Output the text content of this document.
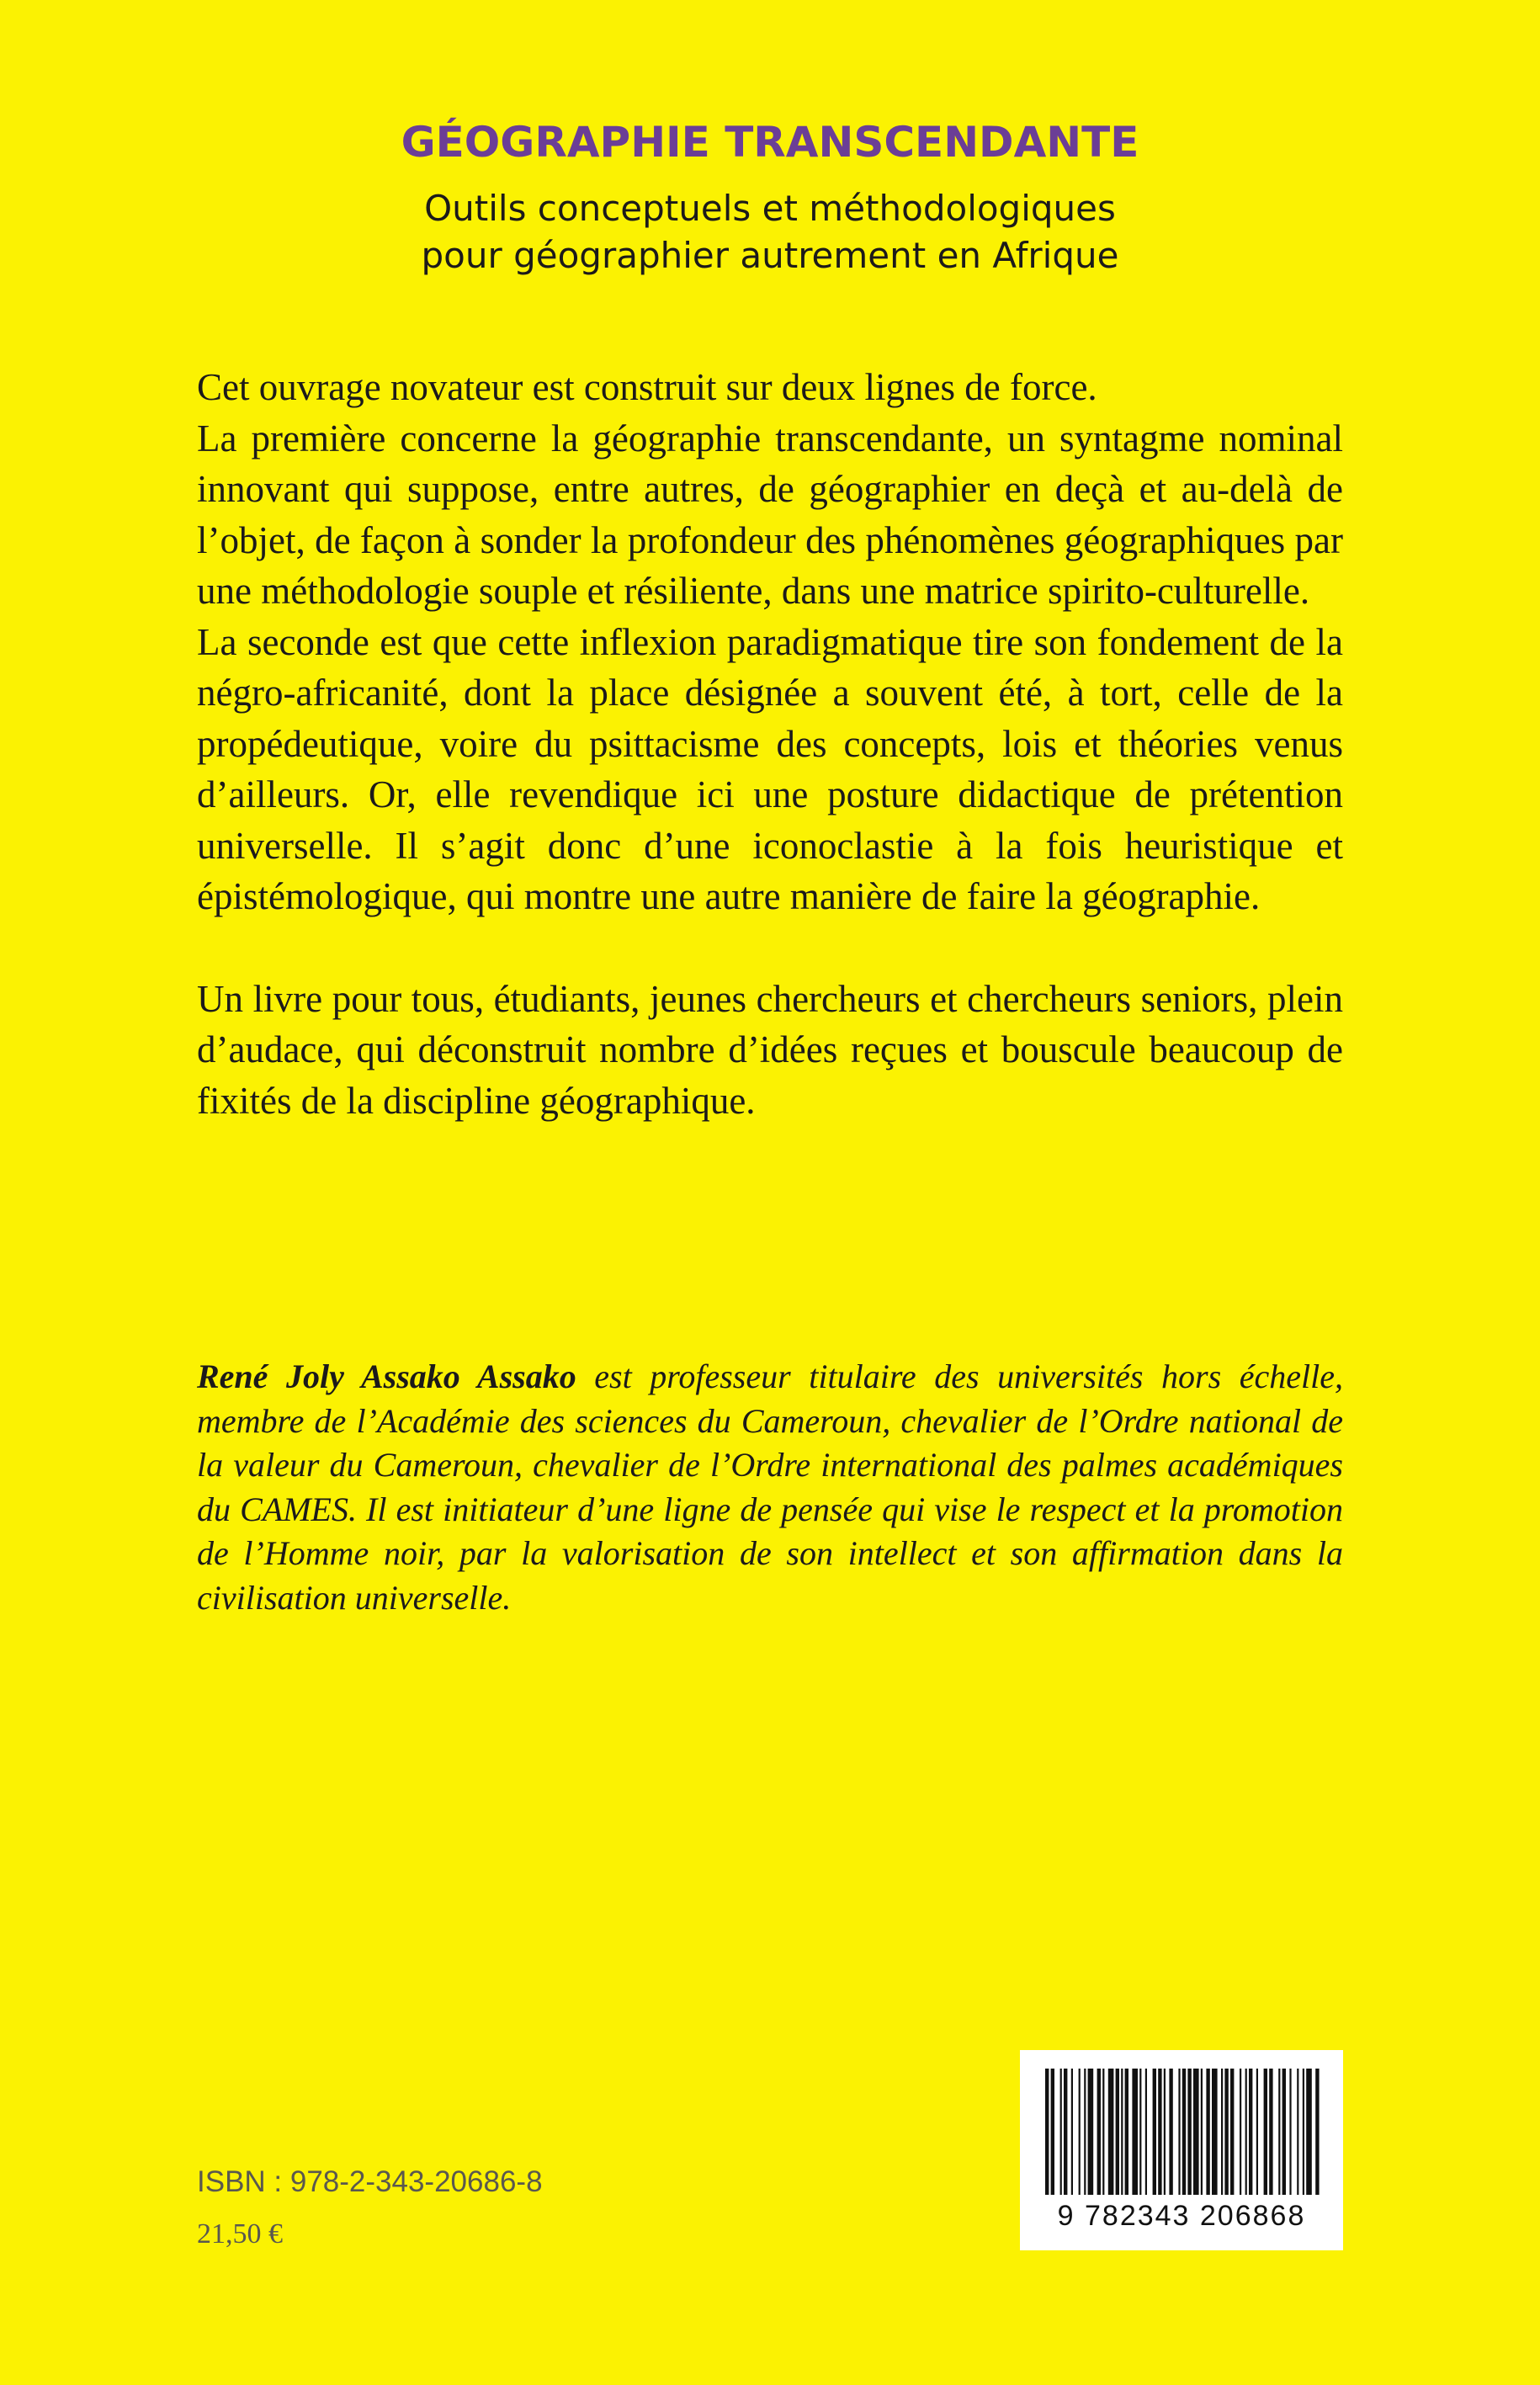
GÉOGRAPHIE TRANSCENDANTE
Outils conceptuels et méthodologiques
pour géographier autrement en Afrique

Cet ouvrage novateur est construit sur deux lignes de force.

La première concerne la géographie transcendante, un syntagme nominal innovant qui suppose, entre autres, de géographier en deçà et au-delà de l’objet, de façon à sonder la profondeur des phénomènes géographiques par une méthodologie souple et résiliente, dans une matrice spirito-culturelle.

La seconde est que cette inflexion paradigmatique tire son fondement de la négro-africanité, dont la place désignée a souvent été, à tort, celle de la propédeutique, voire du psittacisme des concepts, lois et théories venus d’ailleurs. Or, elle revendique ici une posture didactique de prétention universelle. Il s’agit donc d’une iconoclastie à la fois heuristique et épistémologique, qui montre une autre manière de faire la géographie.

Un livre pour tous, étudiants, jeunes chercheurs et chercheurs seniors, plein d’audace, qui déconstruit nombre d’idées reçues et bouscule beaucoup de fixités de la discipline géographique.

René Joly Assako Assako est professeur titulaire des universités hors échelle, membre de l’Académie des sciences du Cameroun, chevalier de l’Ordre national de la valeur du Cameroun, chevalier de l’Ordre international des palmes académiques du CAMES. Il est initiateur d’une ligne de pensée qui vise le respect et la promotion de l’Homme noir, par la valorisation de son intellect et son affirmation dans la civilisation universelle.

ISBN : 978-2-343-20686-8
21,50 €
9 782343 206868
